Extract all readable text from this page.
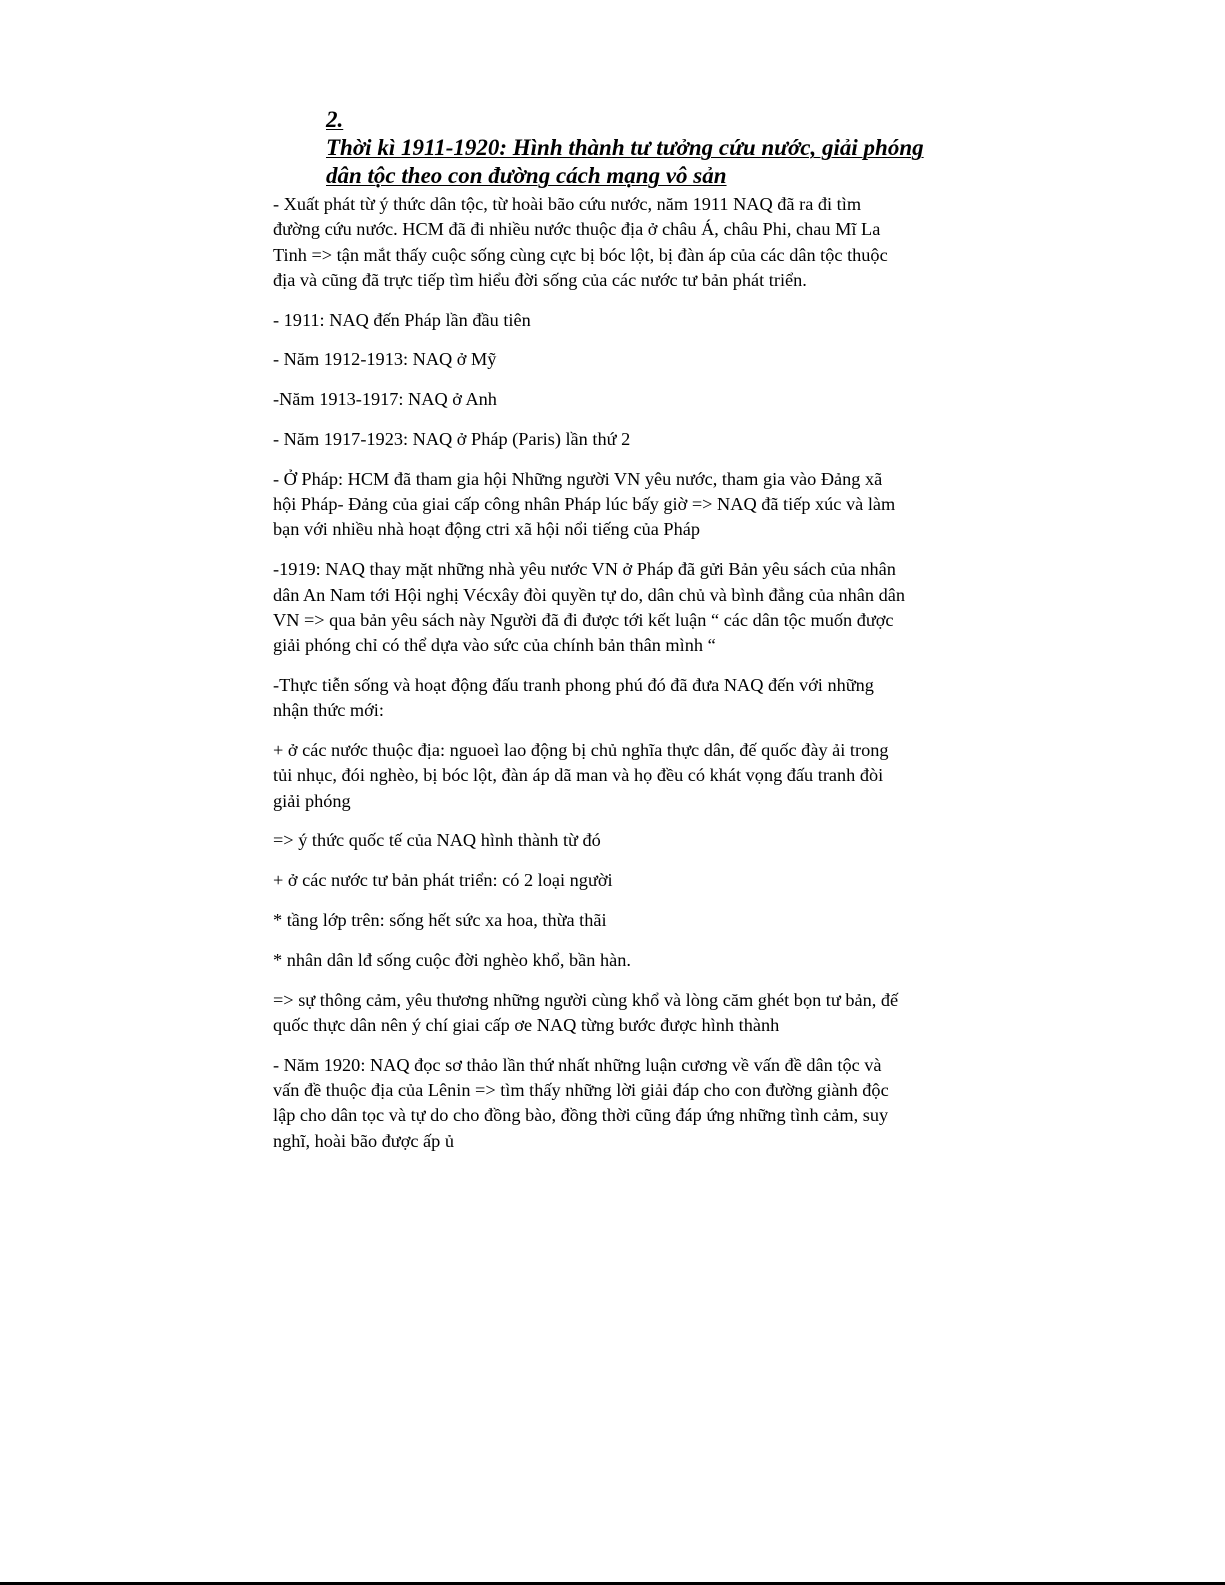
2.
Thời kì 1911-1920: Hình thành tư tưởng cứu nước, giải phóng
dân tộc theo con đường cách mạng vô sản
- Xuất phát từ ý thức dân tộc, từ hoài bão cứu nước, năm 1911 NAQ đã ra đi tìm
đường cứu nước. HCM đã đi nhiều nước thuộc địa ở châu Á, châu Phi, chau Mĩ La
Tinh => tận mắt thấy cuộc sống cùng cực bị bóc lột, bị đàn áp của các dân tộc thuộc
địa và cũng đã trực tiếp tìm hiểu đời sống của các nước tư bản phát triển.
- 1911: NAQ đến Pháp lần đầu tiên
- Năm 1912-1913: NAQ ở Mỹ
-Năm 1913-1917: NAQ ở Anh
- Năm 1917-1923: NAQ ở Pháp (Paris) lần thứ 2
- Ở Pháp: HCM đã tham gia hội Những người VN yêu nước, tham gia vào Đảng xã
hội Pháp- Đảng của giai cấp công nhân Pháp lúc bấy giờ => NAQ đã tiếp xúc và làm
bạn với nhiều nhà hoạt động ctri xã hội nổi tiếng của Pháp
-1919: NAQ thay mặt những nhà yêu nước VN ở Pháp đã gửi Bản yêu sách của nhân
dân An Nam tới Hội nghị Vécxây đòi quyền tự do, dân chủ và bình đẳng của nhân dân
VN => qua bản yêu sách này Người đã đi được tới kết luận “ các dân tộc muốn được
giải phóng chỉ có thể dựa vào sức của chính bản thân mình “
-Thực tiễn sống và hoạt động đấu tranh phong phú đó đã đưa NAQ đến với những
nhận thức mới:
+ ở các nước thuộc địa: nguoeì lao động bị chủ nghĩa thực dân, đế quốc đày ải trong
tủi nhục, đói nghèo, bị bóc lột, đàn áp dã man và họ đều có khát vọng đấu tranh đòi
giải phóng
=> ý thức quốc tế của NAQ hình thành từ đó
+ ở các nước tư bản phát triển: có 2 loại người
* tầng lớp trên: sống hết sức xa hoa, thừa thãi
* nhân dân lđ sống cuộc đời nghèo khổ, bần hàn.
=> sự thông cảm, yêu thương những người cùng khổ và lòng căm ghét bọn tư bản, đế
quốc thực dân nên ý chí giai cấp ơe NAQ từng bước được hình thành
- Năm 1920: NAQ đọc sơ thảo lần thứ nhất những luận cương về vấn đề dân tộc và
vấn đề thuộc địa của Lênin => tìm thấy những lời giải đáp cho con đường giành độc
lập cho dân tọc và tự do cho đồng bào, đồng thời cũng đáp ứng những tình cảm, suy
nghĩ, hoài bão được ấp ủ
